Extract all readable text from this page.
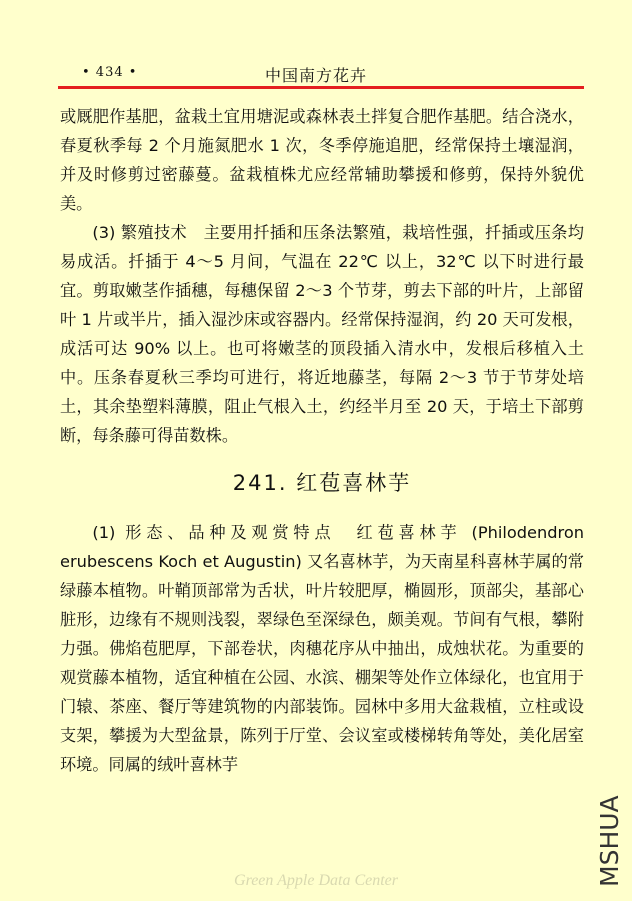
• 434 •	中国南方花卉

或厩肥作基肥，盆栽土宜用塘泥或森林表土拌复合肥作基肥。结合浇水，春夏秋季每 2 个月施氮肥水 1 次，冬季停施追肥，经常保持土壤湿润，并及时修剪过密藤蔓。盆栽植株尤应经常辅助攀援和修剪，保持外貌优美。

(3) 繁殖技术　主要用扦插和压条法繁殖，栽培性强，扦插或压条均易成活。扦插于 4～5 月间，气温在 22℃ 以上，32℃ 以下时进行最宜。剪取嫩茎作插穗，每穗保留 2～3 个节芽，剪去下部的叶片，上部留叶 1 片或半片，插入湿沙床或容器内。经常保持湿润，约 20 天可发根，成活可达 90% 以上。也可将嫩茎的顶段插入清水中，发根后移植入土中。压条春夏秋三季均可进行，将近地藤茎，每隔 2～3 节于节芽处培土，其余垫塑料薄膜，阻止气根入土，约经半月至 20 天，于培土下部剪断，每条藤可得苗数株。

241. 红苞喜林芋

(1) 形态、品种及观赏特点　红苞喜林芋 (Philodendron erubescens Koch et Augustin) 又名喜林芋，为天南星科喜林芋属的常绿藤本植物。叶鞘顶部常为舌状，叶片较肥厚，椭圆形，顶部尖，基部心脏形，边缘有不规则浅裂，翠绿色至深绿色，颇美观。节间有气根，攀附力强。佛焰苞肥厚，下部卷状，肉穗花序从中抽出，成烛状花。为重要的观赏藤本植物，适宜种植在公园、水滨、棚架等处作立体绿化，也宜用于门辕、茶座、餐厅等建筑物的内部装饰。园林中多用大盆栽植，立柱或设支架，攀援为大型盆景，陈列于厅堂、会议室或楼梯转角等处，美化居室环境。同属的绒叶喜林芋

Green Apple Data Center	MSHUA
